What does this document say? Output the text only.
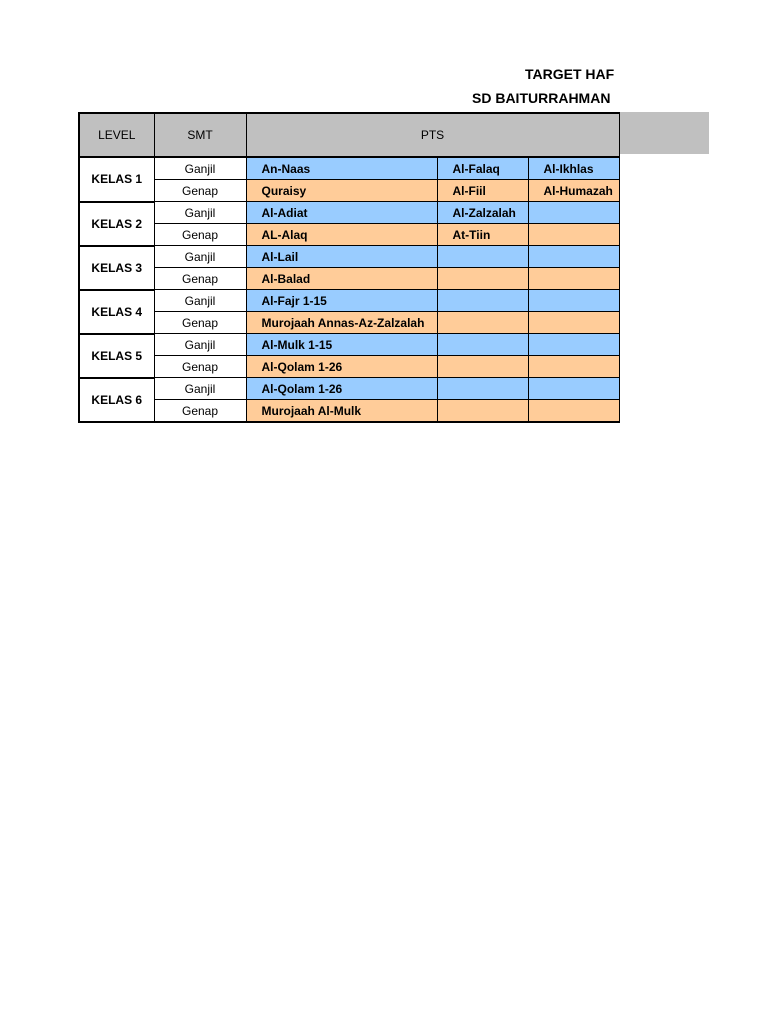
TARGET HAF
SD BAITURRAHMAN
LEVEL	SMT	PTS		
KELAS 1	Ganjil	An-Naas	Al-Falaq	Al-Ikhlas
	Genap	Quraisy	Al-Fiil	Al-Humazah
KELAS 2	Ganjil	Al-Adiat	Al-Zalzalah	
	Genap	AL-Alaq	At-Tiin	
KELAS 3	Ganjil	Al-Lail		
	Genap	Al-Balad		
KELAS 4	Ganjil	Al-Fajr 1-15		
	Genap	Murojaah Annas-Az-Zalzalah		
KELAS 5	Ganjil	Al-Mulk 1-15		
	Genap	Al-Qolam 1-26		
KELAS 6	Ganjil	Al-Qolam 1-26		
	Genap	Murojaah Al-Mulk		
